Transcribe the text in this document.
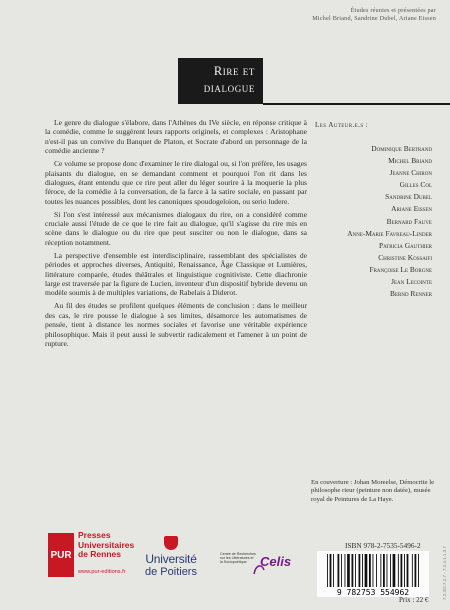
Études réunies et présentées par
Michel Briand, Sandrine Dubel, Ariane Eissen
Rire et
dialogue

Le genre du dialogue s'élabore, dans l'Athènes du IVe siècle, en réponse critique à la comédie, comme le suggèrent leurs rapports originels, et complexes : Aristophane n'est-il pas un convive du Banquet de Platon, et Socrate d'abord un personnage de la comédie ancienne ?

Ce volume se propose donc d'examiner le rire dialogal ou, si l'on préfère, les usages plaisants du dialogue, en se demandant comment et pourquoi l'on rit dans les dialogues, étant entendu que ce rire peut aller du léger sourire à la moquerie la plus féroce, de la comédie à la conversation, de la farce à la satire sociale, en passant par toutes les nuances possibles, dont les canoniques spoudogeloion, ou serio ludere.

Si l'on s'est intéressé aux mécanismes dialogaux du rire, on a considéré comme cruciale aussi l'étude de ce que le rire fait au dialogue, qu'il s'agisse du rire mis en scène dans le dialogue ou du rire que peut susciter ou non le dialogue, dans sa réception notamment.

La perspective d'ensemble est interdisciplinaire, rassemblant des spécialistes de périodes et approches diverses, Antiquité, Renaissance, Âge Classique et Lumières, littérature comparée, études théâtrales et linguistique cognitiviste. Cette diachronie large est traversée par la figure de Lucien, inventeur d'un dispositif hybride devenu un modèle soumis à de multiples variations, de Rabelais à Diderot.

Au fil des études se profilent quelques éléments de conclusion : dans le meilleur des cas, le rire pousse le dialogue à ses limites, désamorce les automatismes de pensée, tient à distance les normes sociales et favorise une véritable expérience philosophique. Mais il peut aussi le subvertir radicalement et l'amener à un point de rupture.

Les Auteur.e.s :
Dominique Bertrand
Michel Briand
Jeanne Chiron
Gilles Col
Sandrine Dubel
Ariane Eissen
Bernard Fauve
Anne-Marie Favreau-Linder
Patricia Gauthier
Christine Kossaifi
Françoise Le Borgne
Jean Lecointe
Bernd Renner
En couverture : Johan Moreelse, Démocrite le philosophe rieur (peinture non datée), musée royal de Peintures de La Haye.
ISBN 978-2-7535-5496-2
9 782753 554962
Prix : 22 €	7.2.4/2.7.2.7 - 7.2.4.1.1.3.7
PUR
Presses
Universitaires
de Rennes
www.pur-editions.fr
Université
de Poitiers
Centre de Recherches sur les Littératures et la Sociopoétique	Celis
